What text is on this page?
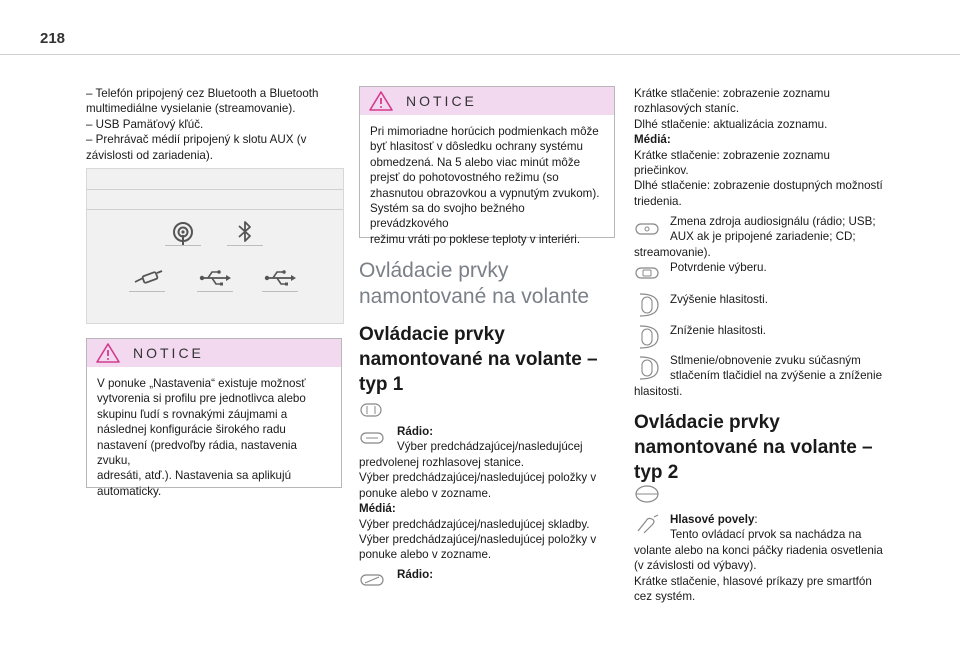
218

– Telefón pripojený cez Bluetooth a Bluetooth

multimediálne vysielanie (streamovanie).

– USB Pamäťový kľúč.

– Prehrávač médií pripojený k slotu AUX (v

závislosti od zariadenia).

NOTICE

V ponuke „Nastavenia“ existuje možnosť

vytvorenia si profilu pre jednotlivca alebo

skupinu ľudí s rovnakými záujmami a

následnej konfigurácie širokého radu

nastavení (predvoľby rádia, nastavenia zvuku,

adresáti, atď.). Nastavenia sa aplikujú

automaticky.

NOTICE

Pri mimoriadne horúcich podmienkach môže

byť hlasitosť v dôsledku ochrany systému

obmedzená. Na 5 alebo viac minút môže

prejsť do pohotovostného režimu (so

zhasnutou obrazovkou a vypnutým zvukom).

Systém sa do svojho bežného prevádzkového

režimu vráti po poklese teploty v interiéri.

Ovládacie prvky
namontované na volante
Ovládacie prvky
namontované na volante –
typ 1

Rádio:

Výber predchádzajúcej/nasledujúcej

predvolenej rozhlasovej stanice.

Výber predchádzajúcej/nasledujúcej položky v

ponuke alebo v zozname.

Médiá:

Výber predchádzajúcej/nasledujúcej skladby.

Výber predchádzajúcej/nasledujúcej položky v

ponuke alebo v zozname.

Rádio:

Krátke stlačenie: zobrazenie zoznamu

rozhlasových staníc.

Dlhé stlačenie: aktualizácia zoznamu.

Médiá:

Krátke stlačenie: zobrazenie zoznamu

priečinkov.

Dlhé stlačenie: zobrazenie dostupných možností

triedenia.

Zmena zdroja audiosignálu (rádio; USB;

AUX ak je pripojené zariadenie; CD;

streamovanie).

Potvrdenie výberu.

Zvýšenie hlasitosti.

Zníženie hlasitosti.

Stlmenie/obnovenie zvuku súčasným

stlačením tlačidiel na zvýšenie a zníženie

hlasitosti.

Ovládacie prvky
namontované na volante –
typ 2

Hlasové povely:

Tento ovládací prvok sa nachádza na

volante alebo na konci páčky riadenia osvetlenia

(v závislosti od výbavy).

Krátke stlačenie, hlasové príkazy pre smartfón

cez systém.
